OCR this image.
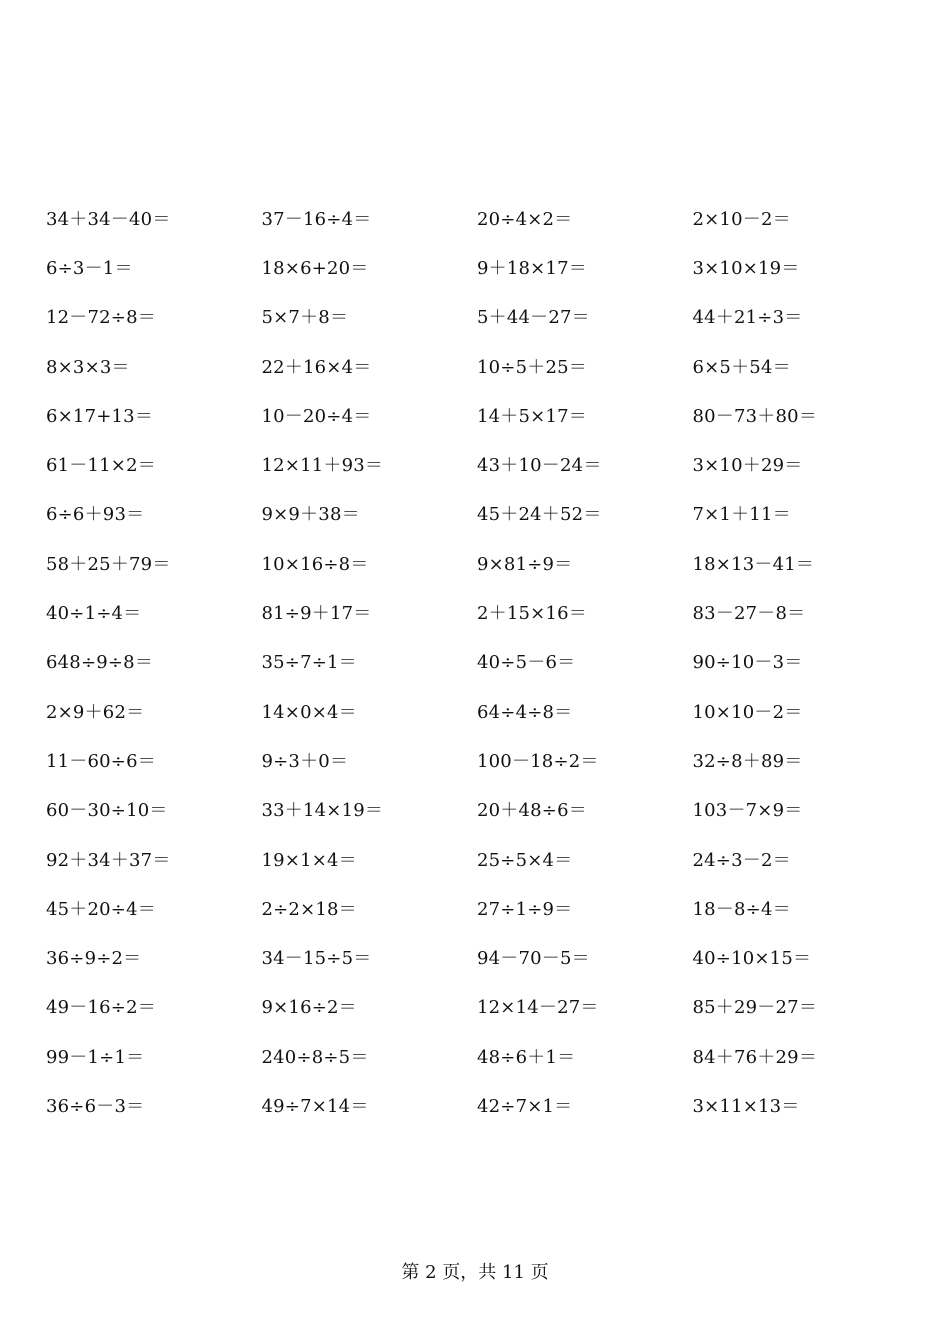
34＋34－40＝	37－16÷4＝	20÷4×2＝	2×10－2＝
6÷3－1＝	18×6+20＝	9＋18×17＝	3×10×19＝
12－72÷8＝	5×7＋8＝	5＋44－27＝	44＋21÷3＝
8×3×3＝	22＋16×4＝	10÷5＋25＝	6×5＋54＝
6×17+13＝	10－20÷4＝	14＋5×17＝	80－73＋80＝
61－11×2＝	12×11＋93＝	43＋10－24＝	3×10＋29＝
6÷6＋93＝	9×9＋38＝	45＋24＋52＝	7×1＋11＝
58＋25＋79＝	10×16÷8＝	9×81÷9＝	18×13－41＝
40÷1÷4＝	81÷9＋17＝	2＋15×16＝	83－27－8＝
648÷9÷8＝	35÷7÷1＝	40÷5－6＝	90÷10－3＝
2×9＋62＝	14×0×4＝	64÷4÷8＝	10×10－2＝
11－60÷6＝	9÷3＋0＝	100－18÷2＝	32÷8＋89＝
60－30÷10＝	33＋14×19＝	20＋48÷6＝	103－7×9＝
92＋34＋37＝	19×1×4＝	25÷5×4＝	24÷3－2＝
45＋20÷4＝	2÷2×18＝	27÷1÷9＝	18－8÷4＝
36÷9÷2＝	34－15÷5＝	94－70－5＝	40÷10×15＝
49－16÷2＝	9×16÷2＝	12×14－27＝	85＋29－27＝
99－1÷1＝	240÷8÷5＝	48÷6＋1＝	84＋76＋29＝
36÷6－3＝	49÷7×14＝	42÷7×1＝	3×11×13＝
第 2 页，共 11 页
